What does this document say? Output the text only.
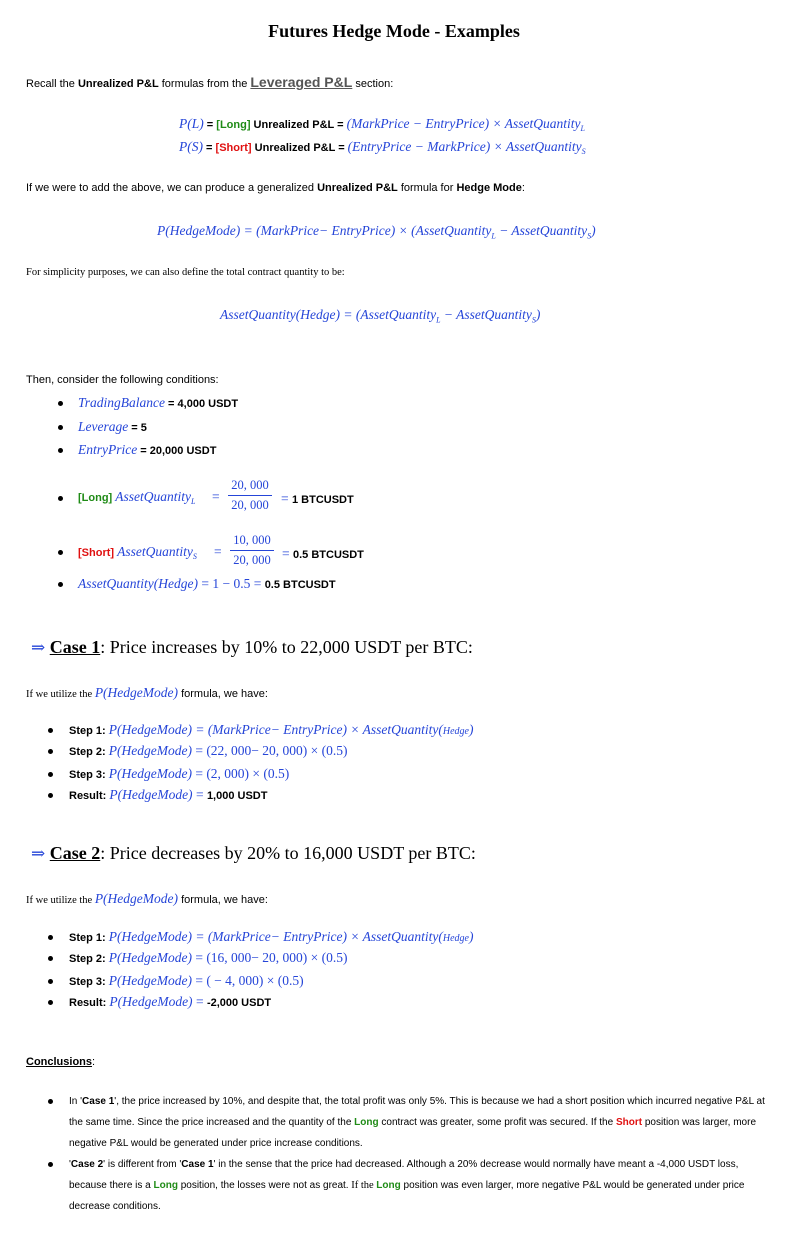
Futures Hedge Mode - Examples
Recall the Unrealized P&L formulas from the Leveraged P&L section:
P(L) = [Long] Unrealized P&L = (MarkPrice − EntryPrice) × AssetQuantity$_L$
P(S) = [Short] Unrealized P&L = (EntryPrice − MarkPrice) × AssetQuantity$_S$
If we were to add the above, we can produce a generalized Unrealized P&L formula for Hedge Mode:
P(HedgeMode) = (MarkPrice− EntryPrice) × (AssetQuantity$_L$ − AssetQuantity$_S$)
For simplicity purposes, we can also define the total contract quantity to be:
AssetQuantity(Hedge) = (AssetQuantity$_L$ − AssetQuantity$_S$)
Then, consider the following conditions:
TradingBalance = 4,000 USDT
Leverage = 5
EntryPrice = 20,000 USDT
[Long] AssetQuantity$_L$ =
20, 000
20, 000 = 1 BTCUSDT
[Short] AssetQuantity$_S$ =
10, 000
20, 000 = 0.5 BTCUSDT
AssetQuantity(Hedge) = 1 − 0.5 = 0.5 BTCUSDT
⇒ Case 1: Price increases by 10% to 22,000 USDT per BTC:
If we utilize the P(HedgeMode) formula, we have:
Step 1: P(HedgeMode) = (MarkPrice− EntryPrice) × AssetQuantity(Hedge)
Step 2: P(HedgeMode) = (22, 000− 20, 000) × (0.5)
Step 3: P(HedgeMode) = (2, 000) × (0.5)
Result: P(HedgeMode) = 1,000 USDT
⇒ Case 2: Price decreases by 20% to 16,000 USDT per BTC:
If we utilize the P(HedgeMode) formula, we have:
Step 1: P(HedgeMode) = (MarkPrice− EntryPrice) × AssetQuantity(Hedge)
Step 2: P(HedgeMode) = (16, 000− 20, 000) × (0.5)
Step 3: P(HedgeMode) = ( − 4, 000) × (0.5)
Result: P(HedgeMode) = -2,000 USDT
Conclusions:
In 'Case 1', the price increased by 10%, and despite that, the total profit was only 5%. This is because we had a short position which incurred negative P&L at the same time. Since the price increased and the quantity of the Long contract was greater, some profit was secured. If the Short position was larger, more negative P&L would be generated under price increase conditions.
'Case 2' is different from 'Case 1' in the sense that the price had decreased. Although a 20% decrease would normally have meant a -4,000 USDT loss, because there is a Long position, the losses were not as great. If the Long position was even larger, more negative P&L would be generated under price decrease conditions.
